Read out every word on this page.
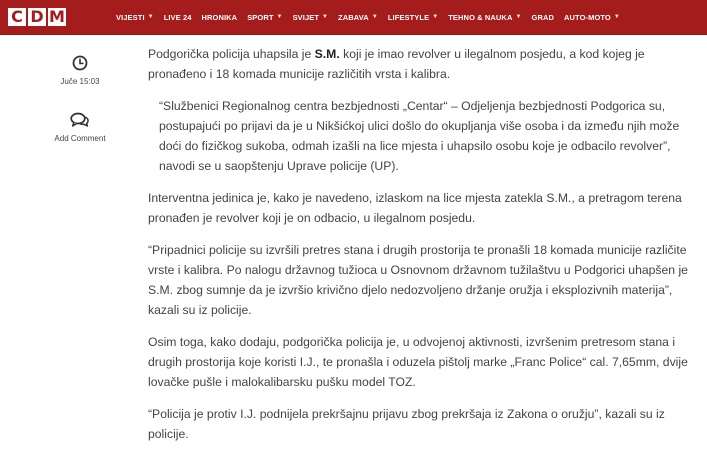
C D M	VIJESTI ▼ LIVE 24 HRONIKA SPORT ▼ SVIJET ▼ ZABAVA ▼ LIFESTYLE ▼ TEHNO & NAUKA ▼ GRAD AUTO-MOTO ▼
Juče 15:03
Add Comment

Podgorička policija uhapsila je S.M. koji je imao revolver u ilegalnom posjedu, a kod kojeg je pronađeno i 18 komada municije različitih vrsta i kalibra.

“Službenici Regionalnog centra bezbjednosti „Centar“ – Odjeljenja bezbjednosti Podgorica su, postupajući po prijavi da je u Nikšićkoj ulici došlo do okupljanja više osoba i da između njih može doći do fizičkog sukoba, odmah izašli na lice mjesta i uhapsilo osobu koje je odbacilo revolver”, navodi se u saopštenju Uprave policije (UP).

Interventna jedinica je, kako je navedeno, izlaskom na lice mjesta zatekla S.M., a pretragom terena pronađen je revolver koji je on odbacio, u ilegalnom posjedu.

“Pripadnici policije su izvršili pretres stana i drugih prostorija te pronašli 18 komada municije različite vrste i kalibra. Po nalogu državnog tužioca u Osnovnom državnom tužilaštvu u Podgorici uhapšen je S.M. zbog sumnje da je izvršio krivično djelo nedozvoljeno držanje oružja i eksplozivnih materija”, kazali su iz policije.

Osim toga, kako dodaju, podgorička policija je, u odvojenoj aktivnosti, izvršenim pretresom stana i drugih prostorija koje koristi I.J., te pronašla i oduzela pištolj marke „Franc Police“ cal. 7,65mm, dvije lovačke pušle i malokalibarsku pušku model TOZ.

“Policija je protiv I.J. podnijela prekršajnu prijavu zbog prekršaja iz Zakona o oružju”, kazali su iz policije.
